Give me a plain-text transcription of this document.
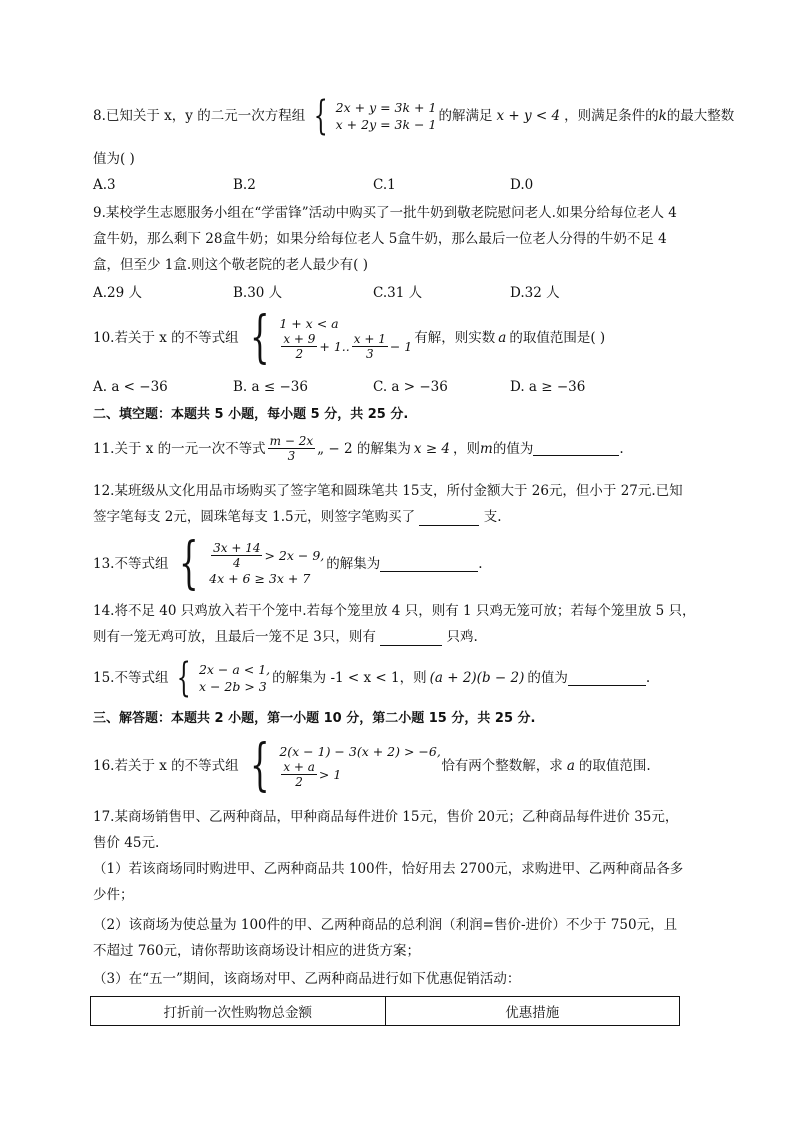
8.已知关于 x，y 的二元一次方程组 { 2x + y = 3k + 1
x + 2y = 3k − 1
的解满足 x + y < 4 ，则满足条件的 k 的最大整数
值为( )
A.3	B.2	C.1	D.0
9.某校学生志愿服务小组在“学雷锋”活动中购买了一批牛奶到敬老院慰问老人.如果分给每位老人 4
盒牛奶，那么剩下 28盒牛奶；如果分给每位老人 5盒牛奶，那么最后一位老人分得的牛奶不足 4
盒，但至少 1盒.则这个敬老院的老人最少有( )
A.29 人	B.30 人	C.31 人	D.32 人
10.若关于 x 的不等式组 { 1 + x < a
$\frac{x + 9}{2} + 1$.. $\frac{x + 1}{3} - 1$
有解，则实数 a 的取值范围是( )
A. a < −36	B. a ≤ −36	C. a > −36	D. a ≥ −36
二、填空题：本题共 5 小题，每小题 5 分，共 25 分.
11.关于 x 的一元一次不等式 $\frac{m - 2x}{3}$ „ − 2 的解集为 x ≥ 4 ，则 m 的值为	.
12.某班级从文化用品市场购买了签字笔和圆珠笔共 15支，所付金额大于 26元，但小于 27元.已知
签字笔每支 2元，圆珠笔每支 1.5元，则签字笔购买了	支.
13.不等式组 { $\frac{3x + 14}{4} > 2x - 9$,
4x + 6 ≥ 3x + 7
的解集为	.
14.将不足 40 只鸡放入若干个笼中.若每个笼里放 4 只，则有 1 只鸡无笼可放；若每个笼里放 5 只，
则有一笼无鸡可放，且最后一笼不足 3只，则有	只鸡.
15.不等式组 { 2x − a < 1,
x − 2b > 3
的解集为 -1 < x < 1，则 (a + 2)(b − 2) 的值为	.
三、解答题：本题共 2 小题，第一小题 10 分，第二小题 15 分，共 25 分.
16.若关于 x 的不等式组 { 2(x − 1) − 3(x + 2) > −6,
$\frac{x + a}{2} > 1$
恰有两个整数解，求 a 的取值范围.
17.某商场销售甲、乙两种商品，甲种商品每件进价 15元，售价 20元；乙种商品每件进价 35元，
售价 45元.
（1）若该商场同时购进甲、乙两种商品共 100件，恰好用去 2700元，求购进甲、乙两种商品各多
少件；
（2）该商场为使总量为 100件的甲、乙两种商品的总利润（利润=售价-进价）不少于 750元，且
不超过 760元，请你帮助该商场设计相应的进货方案；
（3）在“五一”期间，该商场对甲、乙两种商品进行如下优惠促销活动：
打折前一次性购物总金额	优惠措施
